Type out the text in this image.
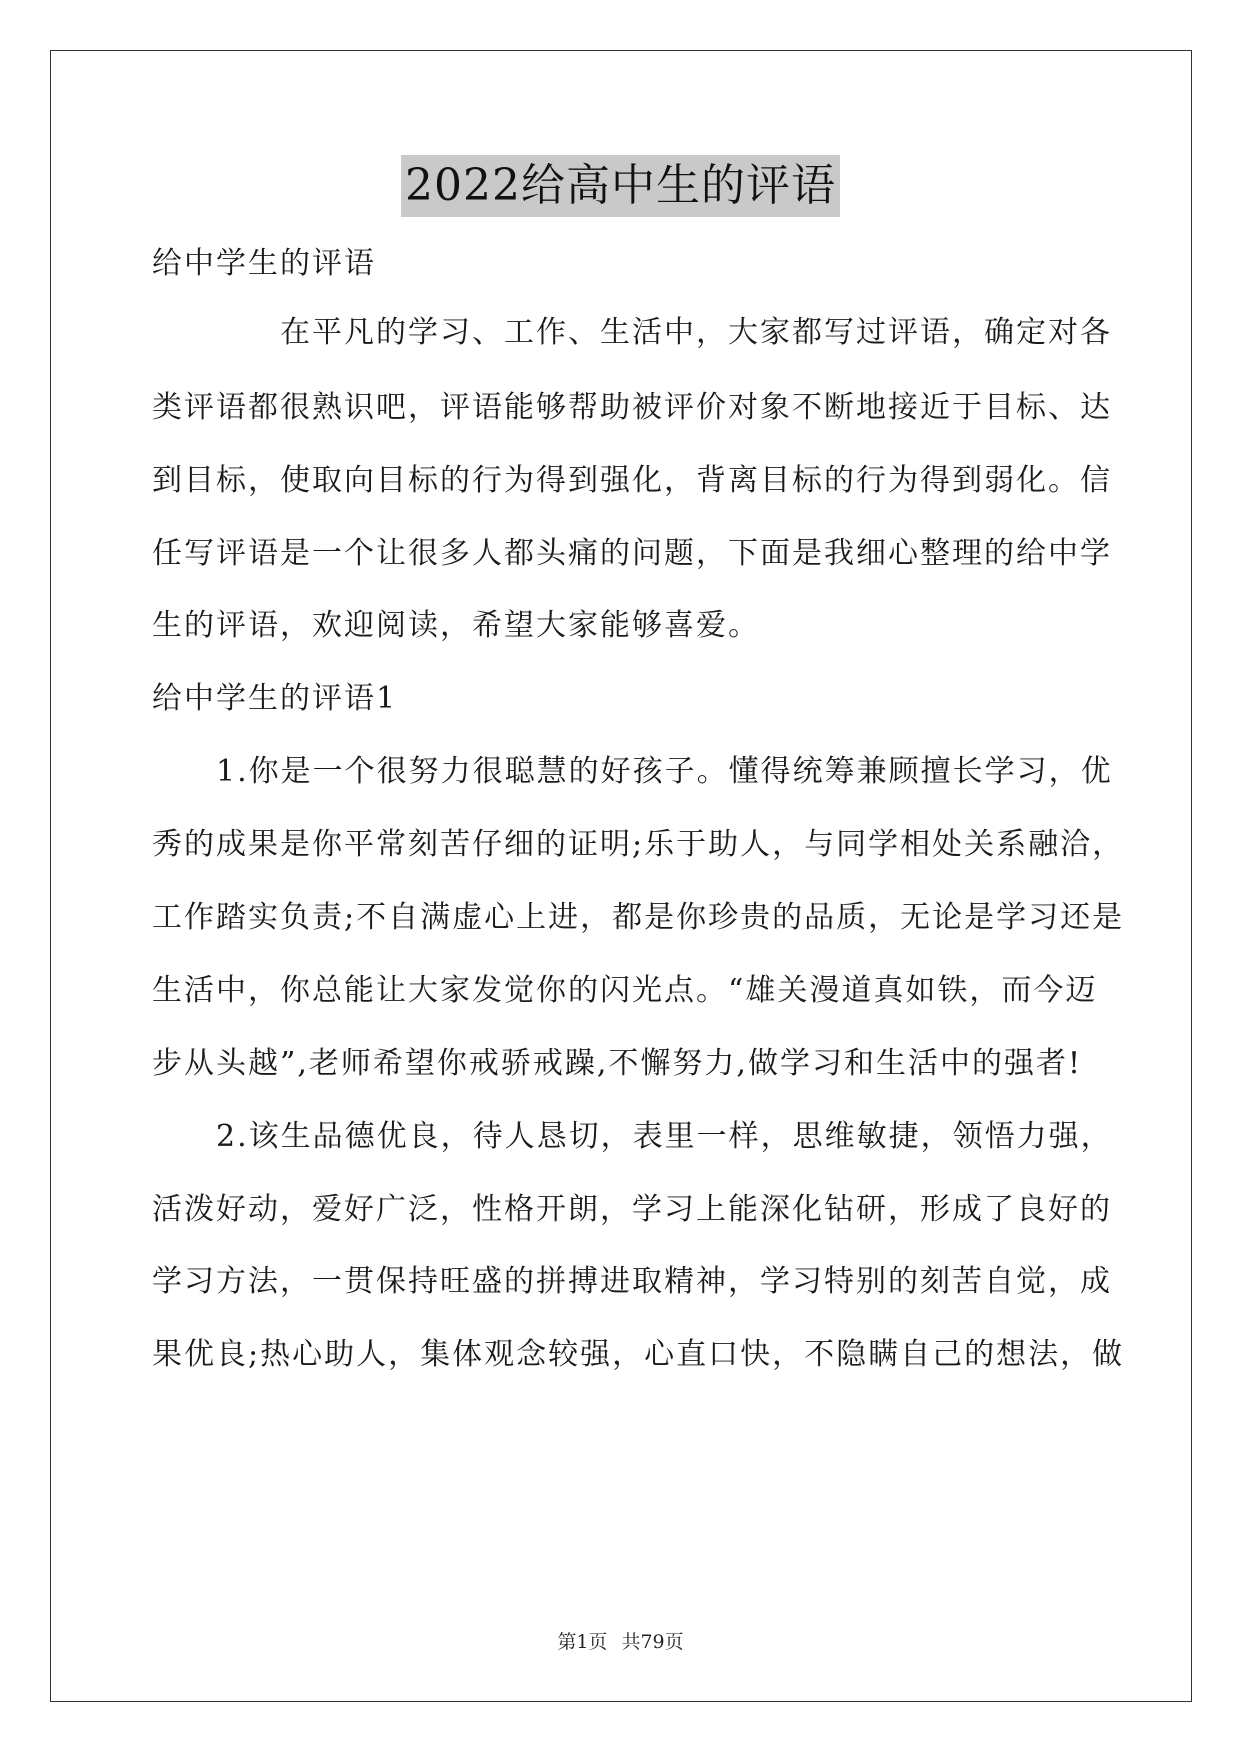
2022给高中生的评语
给中学生的评语
　　　　在平凡的学习、工作、生活中，大家都写过评语，确定对各
类评语都很熟识吧，评语能够帮助被评价对象不断地接近于目标、达
到目标，使取向目标的行为得到强化，背离目标的行为得到弱化。信
任写评语是一个让很多人都头痛的问题，下面是我细心整理的给中学
生的评语，欢迎阅读，希望大家能够喜爱。
给中学生的评语1
　　1.你是一个很努力很聪慧的好孩子。懂得统筹兼顾擅长学习，优
秀的成果是你平常刻苦仔细的证明;乐于助人，与同学相处关系融洽，
工作踏实负责;不自满虚心上进，都是你珍贵的品质，无论是学习还是
生活中，你总能让大家发觉你的闪光点。“雄关漫道真如铁，而今迈
步从头越”,老师希望你戒骄戒躁,不懈努力,做学习和生活中的强者!
　　2.该生品德优良，待人恳切，表里一样，思维敏捷，领悟力强，
活泼好动，爱好广泛，性格开朗，学习上能深化钻研，形成了良好的
学习方法，一贯保持旺盛的拼搏进取精神，学习特别的刻苦自觉，成
果优良;热心助人，集体观念较强，心直口快，不隐瞒自己的想法，做
第1页 共79页
